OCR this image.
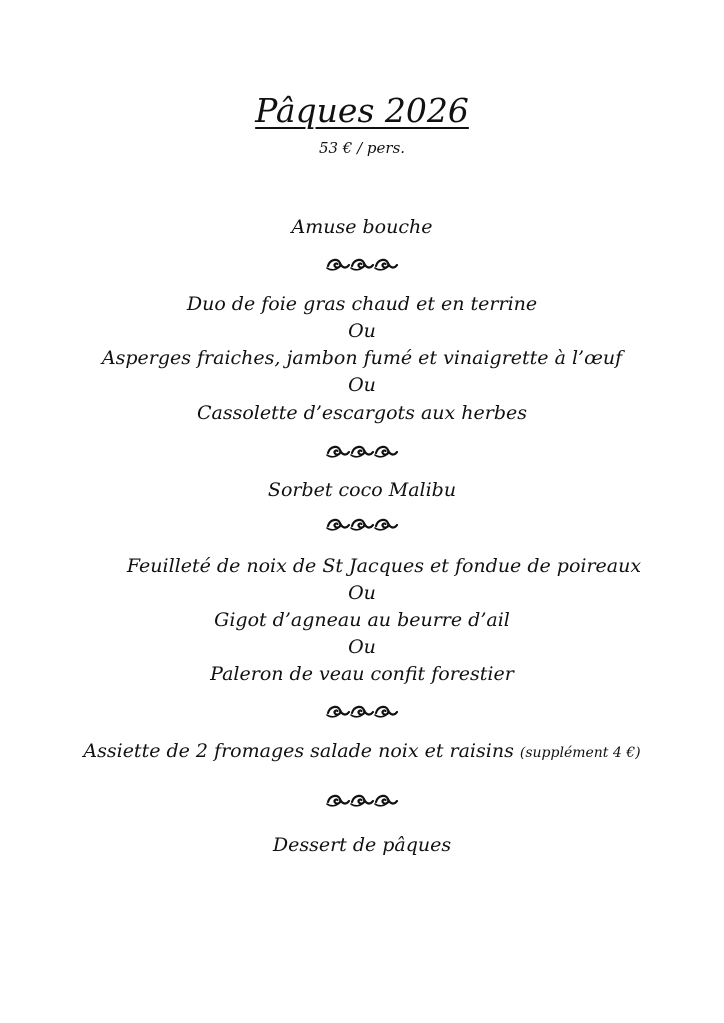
Pâques 2026
53 € / pers.
Amuse bouche
Duo de foie gras chaud et en terrine
Ou
Asperges fraiches, jambon fumé et vinaigrette à l’œuf
Ou
Cassolette d’escargots aux herbes
Sorbet coco Malibu
Feuilleté de noix de St Jacques et fondue de poireaux
Ou
Gigot d’agneau au beurre d’ail
Ou
Paleron de veau confit forestier
Assiette de 2 fromages salade noix et raisins (supplément 4 €)
Dessert de pâques
